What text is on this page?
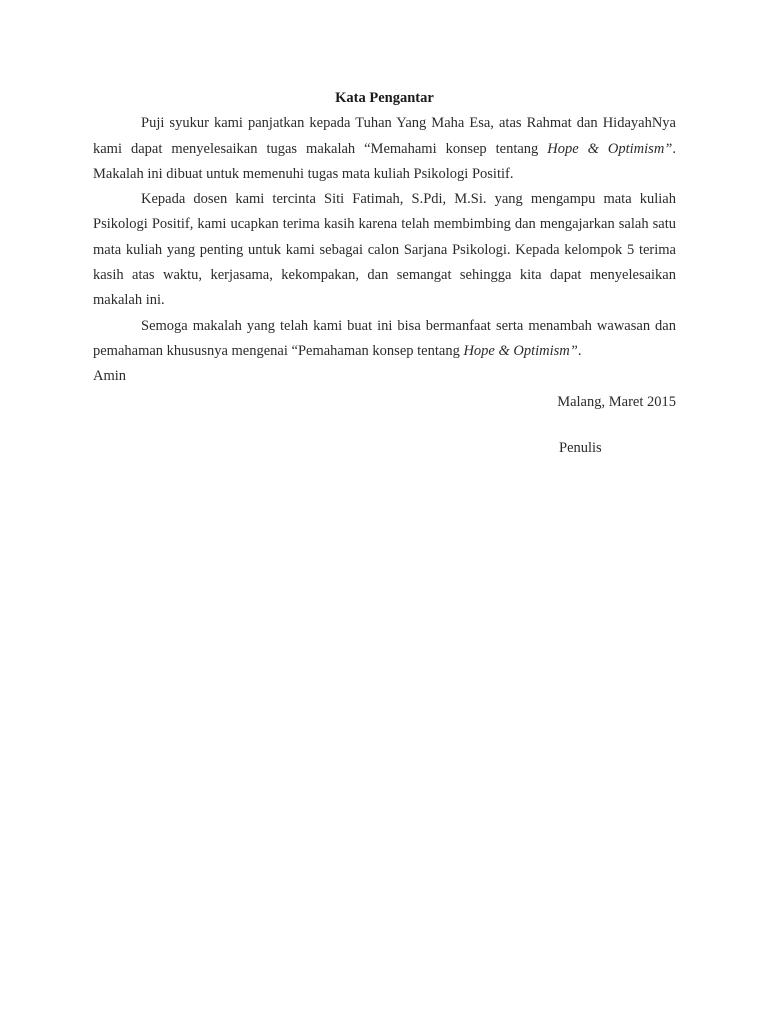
Kata Pengantar

Puji syukur kami panjatkan kepada Tuhan Yang Maha Esa, atas Rahmat dan HidayahNya kami dapat menyelesaikan tugas makalah “Memahami konsep tentang Hope & Optimism”. Makalah ini dibuat untuk memenuhi tugas mata kuliah Psikologi Positif.

Kepada dosen kami tercinta Siti Fatimah, S.Pdi, M.Si. yang mengampu mata kuliah Psikologi Positif, kami ucapkan terima kasih karena telah membimbing dan mengajarkan salah satu mata kuliah yang penting untuk kami sebagai calon Sarjana Psikologi. Kepada kelompok 5 terima kasih atas waktu, kerjasama, kekompakan, dan semangat sehingga kita dapat menyelesaikan makalah ini.

Semoga makalah yang telah kami buat ini bisa bermanfaat serta menambah wawasan dan pemahaman khususnya mengenai “Pemahaman konsep tentang Hope & Optimism”.

Amin

Malang, Maret 2015

Penulis
